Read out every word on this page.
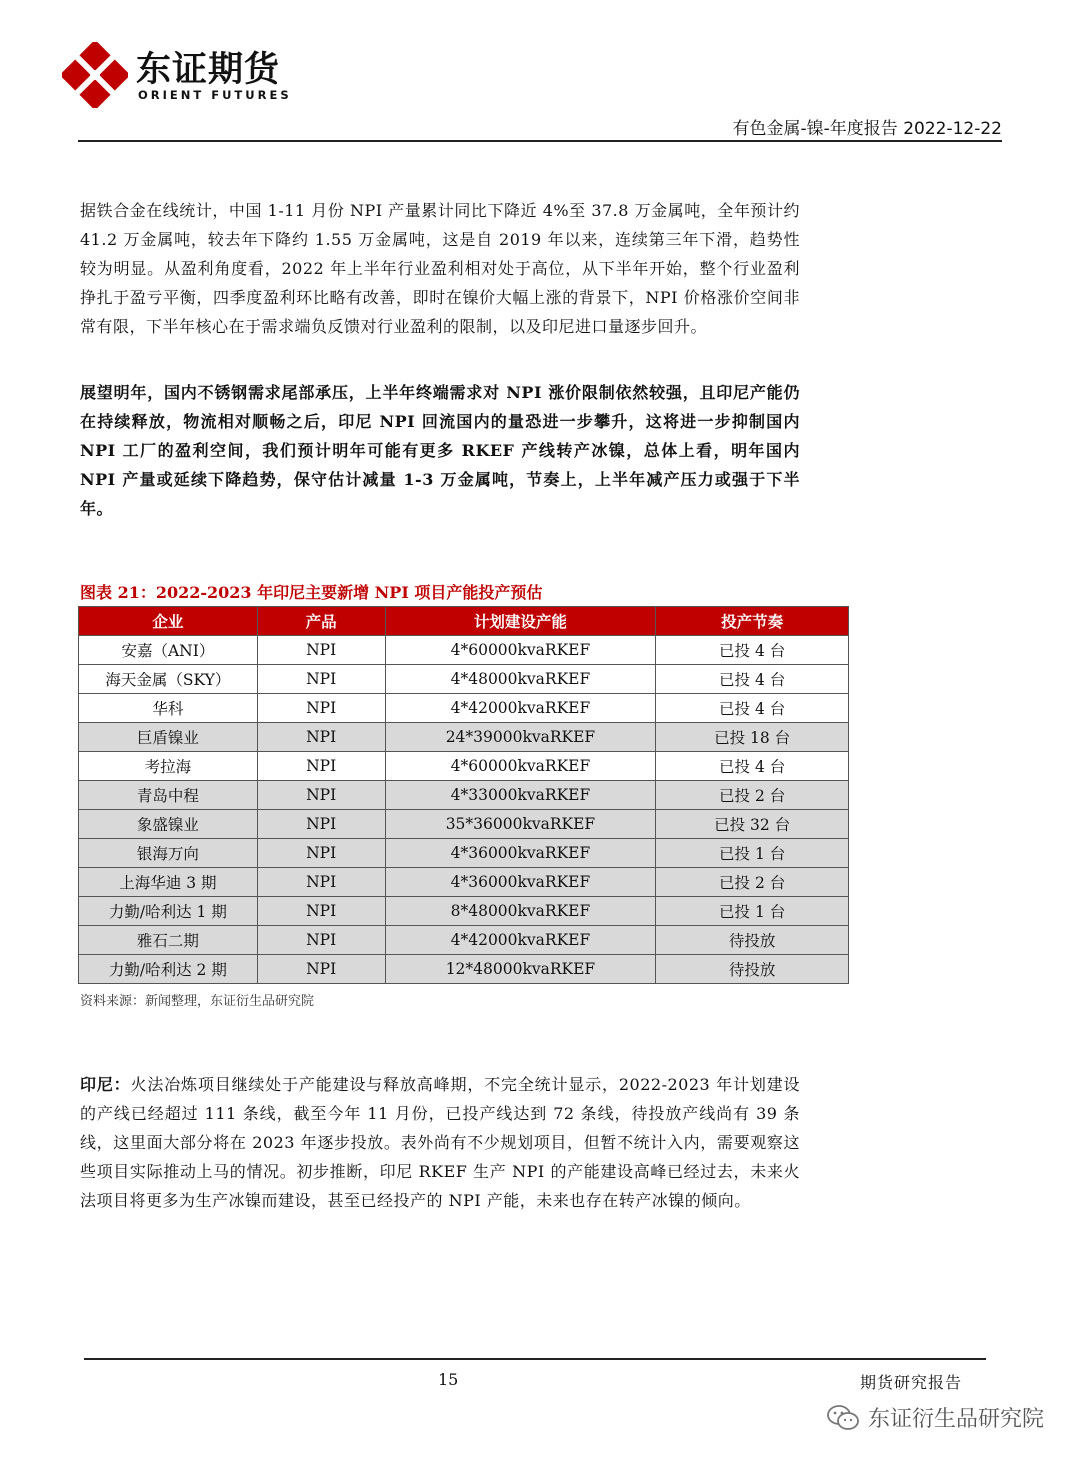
东证期货
ORIENT FUTURES
有色金属-镍-年度报告 2022-12-22
据铁合金在线统计，中国 1-11 月份 NPI 产量累计同比下降近 4%至 37.8 万金属吨，全年预计约 41.2 万金属吨，较去年下降约 1.55 万金属吨，这是自 2019 年以来，连续第三年下滑，趋势性较为明显。从盈利角度看，2022 年上半年行业盈利相对处于高位，从下半年开始，整个行业盈利挣扎于盈亏平衡，四季度盈利环比略有改善，即时在镍价大幅上涨的背景下，NPI 价格涨价空间非常有限，下半年核心在于需求端负反馈对行业盈利的限制，以及印尼进口量逐步回升。
展望明年，国内不锈钢需求尾部承压，上半年终端需求对 NPI 涨价限制依然较强，且印尼产能仍在持续释放，物流相对顺畅之后，印尼 NPI 回流国内的量恐进一步攀升，这将进一步抑制国内 NPI 工厂的盈利空间，我们预计明年可能有更多 RKEF 产线转产冰镍，总体上看，明年国内 NPI 产量或延续下降趋势，保守估计减量 1-3 万金属吨，节奏上，上半年减产压力或强于下半年。
图表 21：2022-2023 年印尼主要新增 NPI 项目产能投产预估
企业	产品	计划建设产能	投产节奏
安嘉（ANI）	NPI	4*60000kvaRKEF	已投 4 台
海天金属（SKY）	NPI	4*48000kvaRKEF	已投 4 台
华科	NPI	4*42000kvaRKEF	已投 4 台
巨盾镍业	NPI	24*39000kvaRKEF	已投 18 台
考拉海	NPI	4*60000kvaRKEF	已投 4 台
青岛中程	NPI	4*33000kvaRKEF	已投 2 台
象盛镍业	NPI	35*36000kvaRKEF	已投 32 台
银海万向	NPI	4*36000kvaRKEF	已投 1 台
上海华迪 3 期	NPI	4*36000kvaRKEF	已投 2 台
力勤/哈利达 1 期	NPI	8*48000kvaRKEF	已投 1 台
雅石二期	NPI	4*42000kvaRKEF	待投放
力勤/哈利达 2 期	NPI	12*48000kvaRKEF	待投放
资料来源：新闻整理，东证衍生品研究院
印尼：火法冶炼项目继续处于产能建设与释放高峰期，不完全统计显示，2022-2023 年计划建设的产线已经超过 111 条线，截至今年 11 月份，已投产线达到 72 条线，待投放产线尚有 39 条线，这里面大部分将在 2023 年逐步投放。表外尚有不少规划项目，但暂不统计入内，需要观察这些项目实际推动上马的情况。初步推断，印尼 RKEF 生产 NPI 的产能建设高峰已经过去，未来火法项目将更多为生产冰镍而建设，甚至已经投产的 NPI 产能，未来也存在转产冰镍的倾向。
15	期货研究报告
东证衍生品研究院
